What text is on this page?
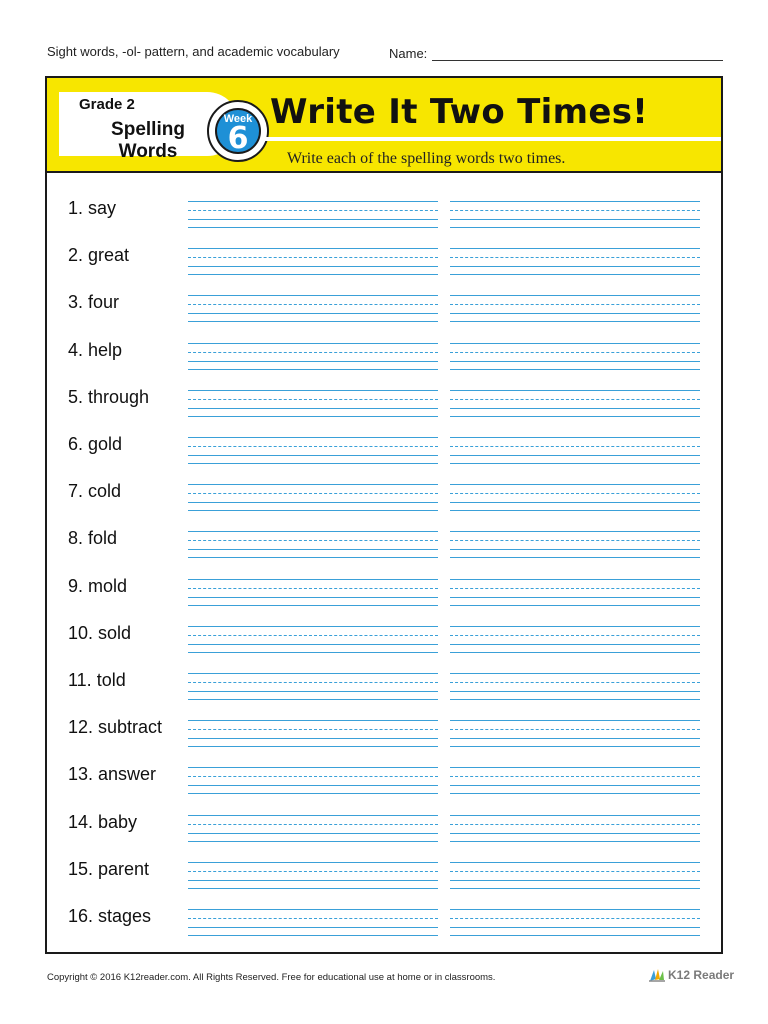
Sight words, -ol- pattern, and academic vocabulary	Name:
Grade 2
Spelling
Words
Week
6
Write It Two Times!
Write each of the spelling words two times.
1. say
2. great
3. four
4. help
5. through
6. gold
7. cold
8. fold
9. mold
10. sold
11. told
12. subtract
13. answer
14. baby
15. parent
16. stages
Copyright © 2016 K12reader.com. All Rights Reserved. Free for educational use at home or in classrooms.	K12 Reader
